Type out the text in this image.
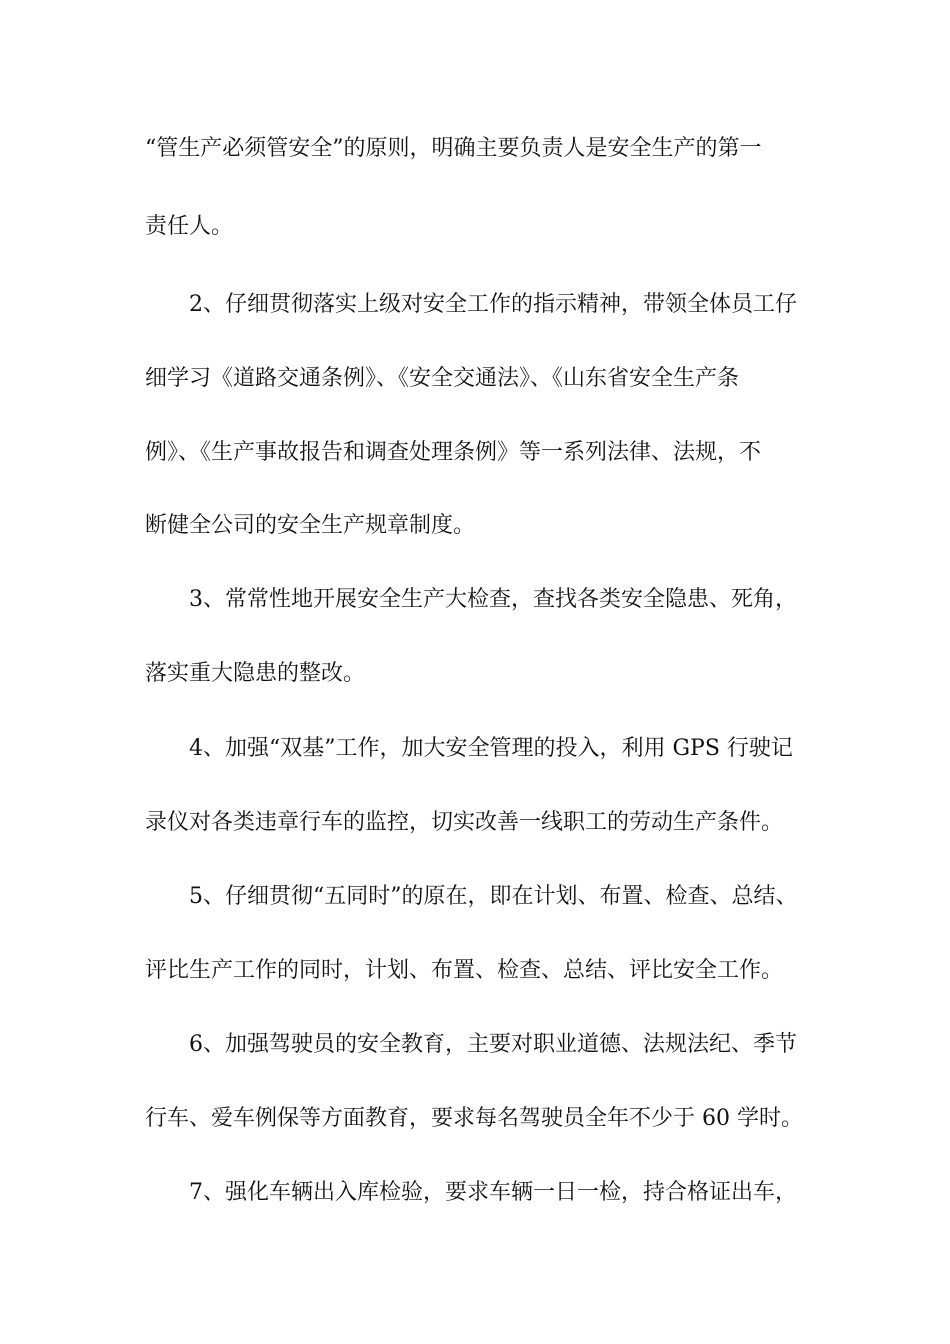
“管生产必须管安全”的原则，明确主要负责人是安全生产的第一
责任人。
2、仔细贯彻落实上级对安全工作的指示精神，带领全体员工仔
细学习《道路交通条例》、《安全交通法》、《山东省安全生产条
例》、《生产事故报告和调查处理条例》等一系列法律、法规，不
断健全公司的安全生产规章制度。
3、常常性地开展安全生产大检查，查找各类安全隐患、死角，
落实重大隐患的整改。
4、加强“双基”工作，加大安全管理的投入，利用 GPS 行驶记
录仪对各类违章行车的监控，切实改善一线职工的劳动生产条件。
5、仔细贯彻“五同时”的原在，即在计划、布置、检查、总结、
评比生产工作的同时，计划、布置、检查、总结、评比安全工作。
6、加强驾驶员的安全教育，主要对职业道德、法规法纪、季节
行车、爱车例保等方面教育，要求每名驾驶员全年不少于 60 学时。
7、强化车辆出入库检验，要求车辆一日一检，持合格证出车，
